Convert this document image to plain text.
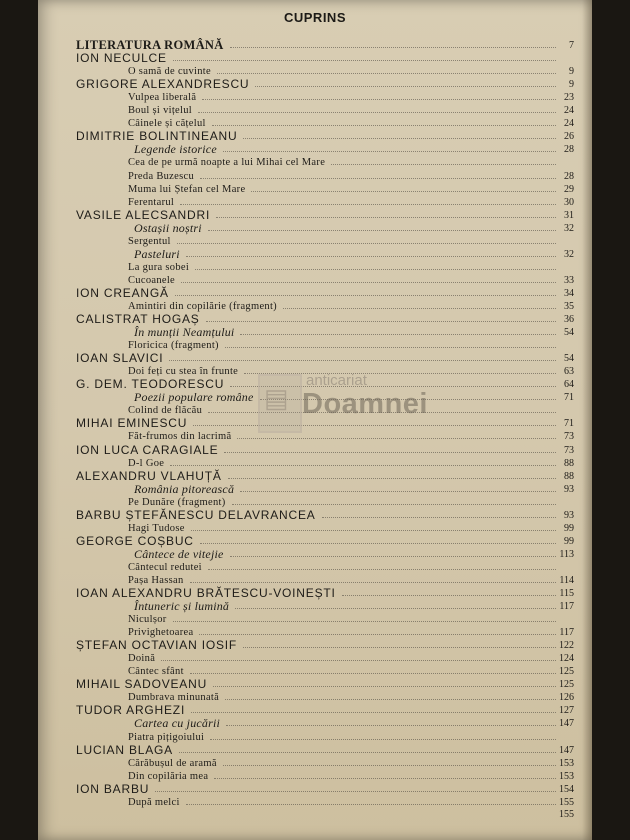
CUPRINS
LITERATURA ROMÂNĂ	7
ION NECULCE
O samă de cuvinte	9
GRIGORE ALEXANDRESCU	9
Vulpea liberală	23
Boul și vițelul	24
Câinele și cățelul	24
DIMITRIE BOLINTINEANU	26
Legende istorice	28
Cea de pe urmă noapte a lui Mihai cel Mare
Preda Buzescu	28
Muma lui Ștefan cel Mare	29
Ferentarul	30
VASILE ALECSANDRI	31
Ostașii noștri	32
Sergentul
Pasteluri	32
La gura sobei
Cucoanele	33
ION CREANGĂ	34
Amintiri din copilărie (fragment)	35
CALISTRAT HOGAȘ	36
În munții Neamțului	54
Floricica (fragment)
IOAN SLAVICI	54
Doi feți cu stea în frunte	63
G. DEM. TEODORESCU	64
Poezii populare române	71
Colind de flăcău
MIHAI EMINESCU	71
Făt-frumos din lacrimă	73
ION LUCA CARAGIALE	73
D-l Goe	88
ALEXANDRU VLAHUȚĂ	88
România pitorească	93
Pe Dunăre (fragment)
BARBU ȘTEFĂNESCU DELAVRANCEA	93
Hagi Tudose	99
GEORGE COȘBUC	99
Cântece de vitejie	113
Cântecul redutei
Pașa Hassan	114
IOAN ALEXANDRU BRĂTESCU-VOINEȘTI	115
Întuneric și lumină	117
Niculșor
Privighetoarea	117
ȘTEFAN OCTAVIAN IOSIF	122
Doină	124
Cântec sfânt	125
MIHAIL SADOVEANU	125
Dumbrava minunată	126
TUDOR ARGHEZI	127
Cartea cu jucării	147
Piatra pițigoiului
LUCIAN BLAGA	147
Cărăbușul de aramă	153
Din copilăria mea	153
ION BARBU	154
După melci	155
155
▤
anticariat
Doamnei
